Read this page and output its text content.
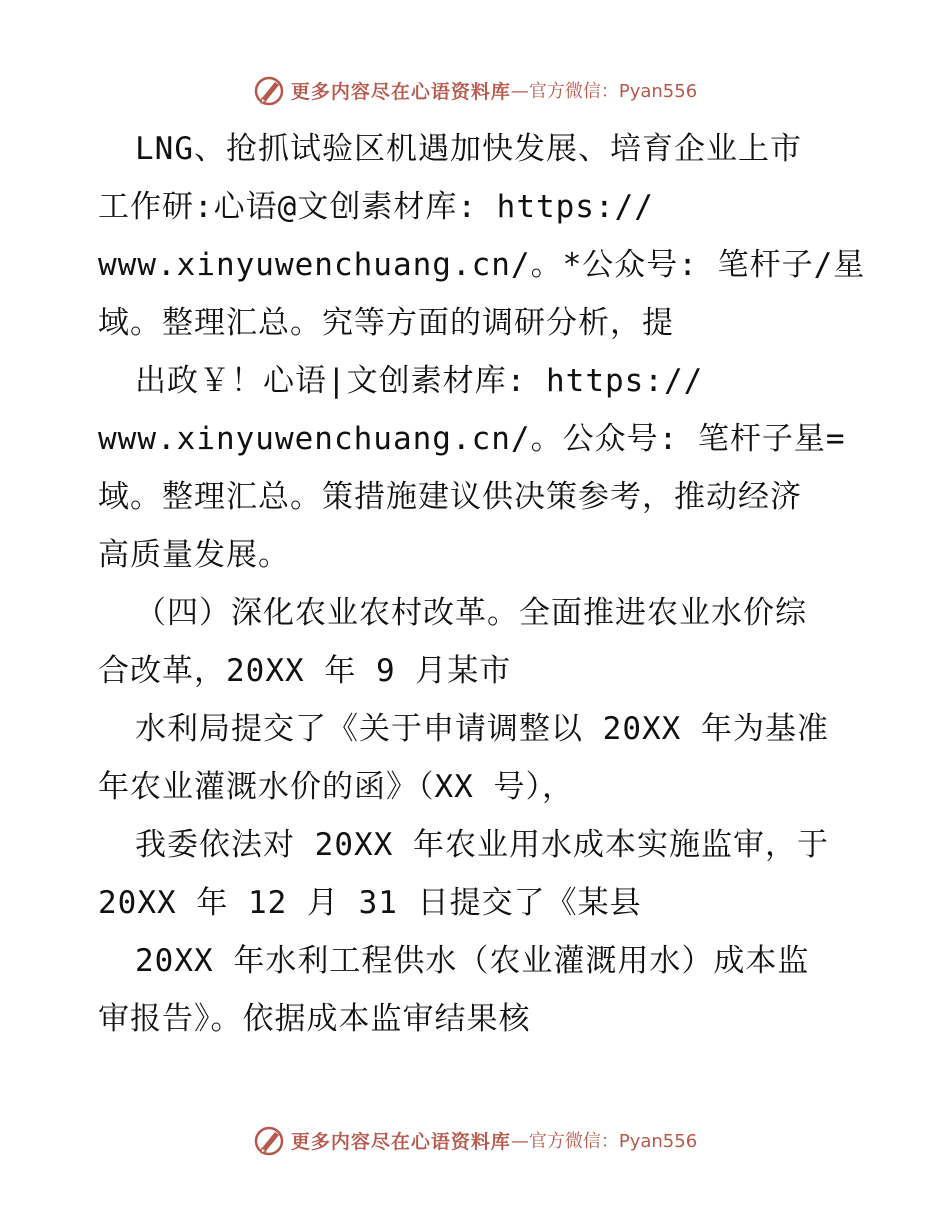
更多内容尽在心语资料库 —官方微信：Pyan556
LNG、抢抓试验区机遇加快发展、培育企业上市
工作研:心语@文创素材库: https://
www.xinyuwenchuang.cn/。*公众号: 笔杆子/星
域。整理汇总。究等方面的调研分析，提
出政￥！心语|文创素材库: https://
www.xinyuwenchuang.cn/。公众号: 笔杆子星=
域。整理汇总。策措施建议供决策参考，推动经济
高质量发展。
（四）深化农业农村改革。全面推进农业水价综
合改革，20XX 年 9 月某市
水利局提交了《关于申请调整以 20XX 年为基准
年农业灌溉水价的函》（XX 号），
我委依法对 20XX 年农业用水成本实施监审，于
20XX 年 12 月 31 日提交了《某县
20XX 年水利工程供水（农业灌溉用水）成本监
审报告》。依据成本监审结果核
更多内容尽在心语资料库 —官方微信：Pyan556
